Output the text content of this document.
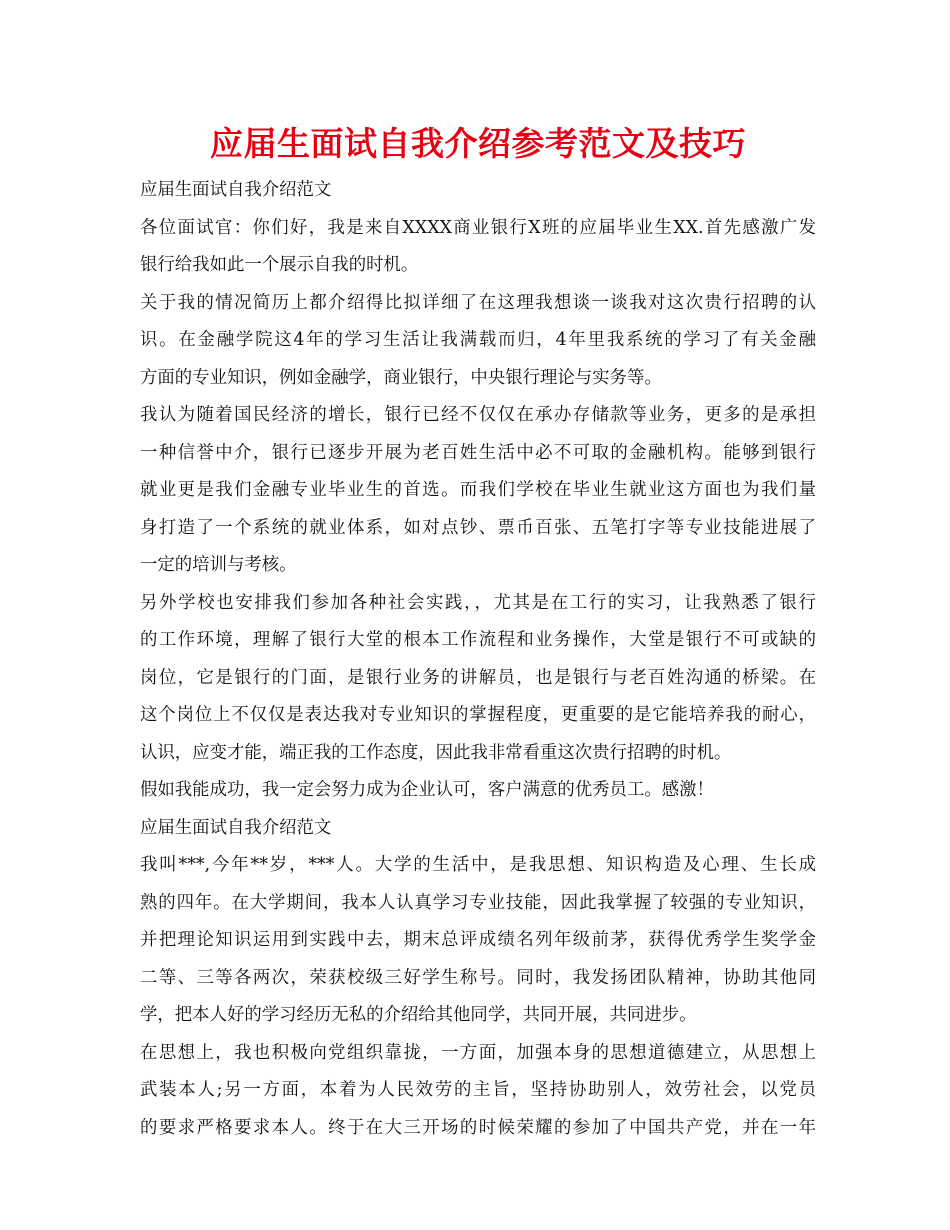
应届生面试自我介绍参考范文及技巧
应届生面试自我介绍范文
各位面试官：你们好，我是来自XXXX商业银行X班的应届毕业生XX.首先感激广发
银行给我如此一个展示自我的时机。
关于我的情况简历上都介绍得比拟详细了在这理我想谈一谈我对这次贵行招聘的认
识。在金融学院这4年的学习生活让我满载而归，4年里我系统的学习了有关金融
方面的专业知识，例如金融学，商业银行，中央银行理论与实务等。
我认为随着国民经济的增长，银行已经不仅仅在承办存储款等业务，更多的是承担
一种信誉中介，银行已逐步开展为老百姓生活中必不可取的金融机构。能够到银行
就业更是我们金融专业毕业生的首选。而我们学校在毕业生就业这方面也为我们量
身打造了一个系统的就业体系，如对点钞、票币百张、五笔打字等专业技能进展了
一定的培训与考核。
另外学校也安排我们参加各种社会实践，，尤其是在工行的实习，让我熟悉了银行
的工作环境，理解了银行大堂的根本工作流程和业务操作，大堂是银行不可或缺的
岗位，它是银行的门面，是银行业务的讲解员，也是银行与老百姓沟通的桥梁。在
这个岗位上不仅仅是表达我对专业知识的掌握程度，更重要的是它能培养我的耐心，
认识，应变才能，端正我的工作态度，因此我非常看重这次贵行招聘的时机。
假如我能成功，我一定会努力成为企业认可，客户满意的优秀员工。感激！
应届生面试自我介绍范文
我叫***,今年**岁，***人。大学的生活中，是我思想、知识构造及心理、生长成
熟的四年。在大学期间，我本人认真学习专业技能，因此我掌握了较强的专业知识，
并把理论知识运用到实践中去，期末总评成绩名列年级前茅，获得优秀学生奖学金
二等、三等各两次，荣获校级三好学生称号。同时，我发扬团队精神，协助其他同
学，把本人好的学习经历无私的介绍给其他同学，共同开展，共同进步。
在思想上，我也积极向党组织靠拢，一方面，加强本身的思想道德建立，从思想上
武装本人;另一方面，本着为人民效劳的主旨，坚持协助别人，效劳社会，以党员
的要求严格要求本人。终于在大三开场的时候荣耀的参加了中国共产党，并在一年
